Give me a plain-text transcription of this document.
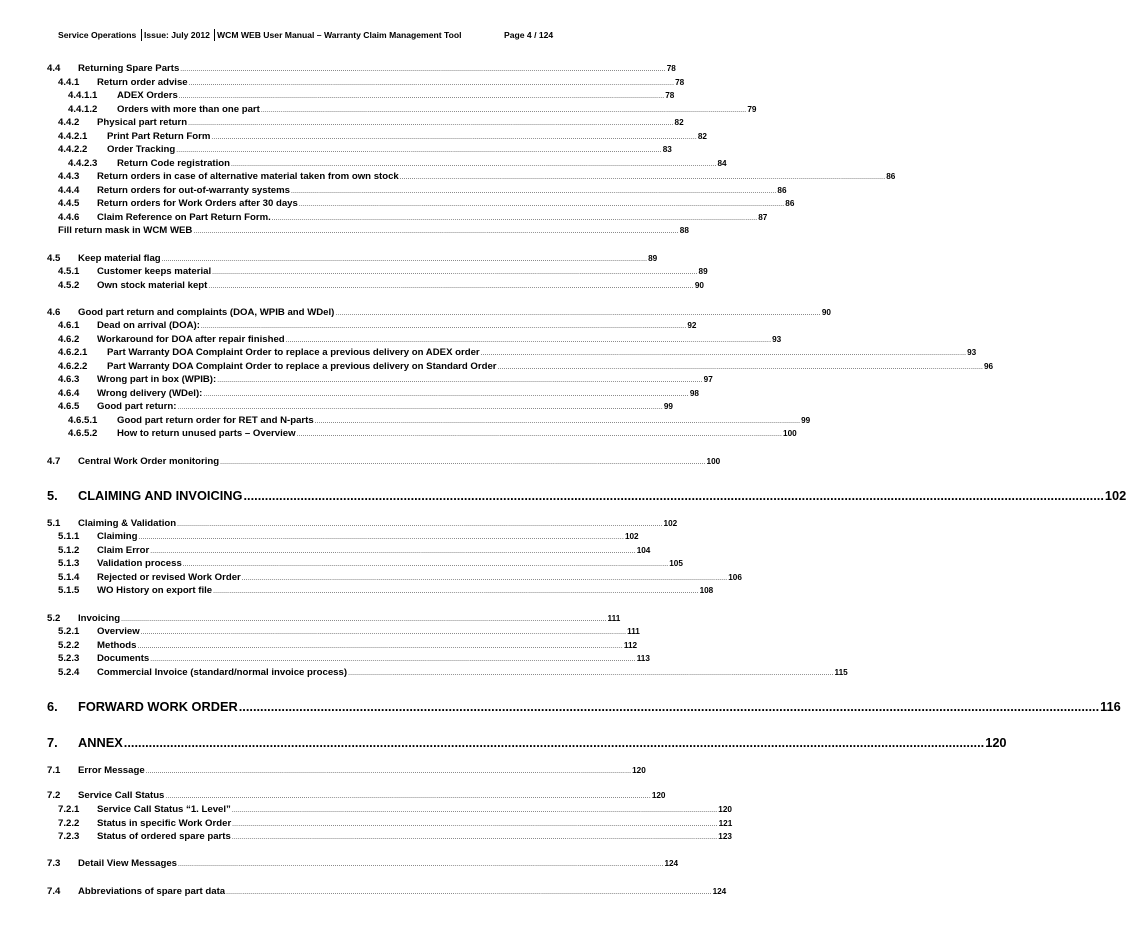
Service Operations Issue: July 2012 WCM WEB User Manual – Warranty Claim Management Tool	Page 4 / 124
4.4 Returning Spare Parts .................................................................................................................................................................................................................................................. 78
4.4.1 Return order advise .................................................................................................................................................................................................................................................. 78
4.4.1.1 ADEX Orders .................................................................................................................................................................................................................................................. 78
4.4.1.2 Orders with more than one part .................................................................................................................................................................................................................................................. 79
4.4.2 Physical part return .................................................................................................................................................................................................................................................. 82
4.4.2.1 Print Part Return Form .................................................................................................................................................................................................................................................. 82
4.4.2.2 Order Tracking .................................................................................................................................................................................................................................................. 83
4.4.2.3 Return Code registration .................................................................................................................................................................................................................................................. 84
4.4.3 Return orders in case of alternative material taken from own stock .................................................................................................................................................................................................................................................. 86
4.4.4 Return orders for out-of-warranty systems .................................................................................................................................................................................................................................................. 86
4.4.5 Return orders for Work Orders after 30 days .................................................................................................................................................................................................................................................. 86
4.4.6 Claim Reference on Part Return Form. .................................................................................................................................................................................................................................................. 87
Fill return mask in WCM WEB .................................................................................................................................................................................................................................................. 88
4.5 Keep material flag .................................................................................................................................................................................................................................................. 89
4.5.1 Customer keeps material .................................................................................................................................................................................................................................................. 89
4.5.2 Own stock material kept .................................................................................................................................................................................................................................................. 90
4.6 Good part return and complaints (DOA, WPIB and WDel) .................................................................................................................................................................................................................................................. 90
4.6.1 Dead on arrival (DOA): .................................................................................................................................................................................................................................................. 92
4.6.2 Workaround for DOA after repair finished .................................................................................................................................................................................................................................................. 93
4.6.2.1 Part Warranty DOA Complaint Order to replace a previous delivery on ADEX order .................................................................................................................................................................................................................................................. 93
4.6.2.2 Part Warranty DOA Complaint Order to replace a previous delivery on Standard Order .................................................................................................................................................................................................................................................. 96
4.6.3 Wrong part in box (WPIB): .................................................................................................................................................................................................................................................. 97
4.6.4 Wrong delivery (WDel): .................................................................................................................................................................................................................................................. 98
4.6.5 Good part return: .................................................................................................................................................................................................................................................. 99
4.6.5.1 Good part return order for RET and N-parts .................................................................................................................................................................................................................................................. 99
4.6.5.2 How to return unused parts – Overview .................................................................................................................................................................................................................................................. 100
4.7 Central Work Order monitoring .................................................................................................................................................................................................................................................. 100
5. CLAIMING AND INVOICING .................................................................................................................................................................................................................................................. 102
5.1 Claiming & Validation .................................................................................................................................................................................................................................................. 102
5.1.1 Claiming .................................................................................................................................................................................................................................................. 102
5.1.2 Claim Error .................................................................................................................................................................................................................................................. 104
5.1.3 Validation process .................................................................................................................................................................................................................................................. 105
5.1.4 Rejected or revised Work Order .................................................................................................................................................................................................................................................. 106
5.1.5 WO History on export file .................................................................................................................................................................................................................................................. 108
5.2 Invoicing .................................................................................................................................................................................................................................................. 111
5.2.1 Overview .................................................................................................................................................................................................................................................. 111
5.2.2 Methods .................................................................................................................................................................................................................................................. 112
5.2.3 Documents .................................................................................................................................................................................................................................................. 113
5.2.4 Commercial Invoice (standard/normal invoice process) .................................................................................................................................................................................................................................................. 115
6. FORWARD WORK ORDER .................................................................................................................................................................................................................................................. 116
7. ANNEX .................................................................................................................................................................................................................................................. 120
7.1 Error Message .................................................................................................................................................................................................................................................. 120
7.2 Service Call Status .................................................................................................................................................................................................................................................. 120
7.2.1 Service Call Status “1. Level” .................................................................................................................................................................................................................................................. 120
7.2.2 Status in specific Work Order .................................................................................................................................................................................................................................................. 121
7.2.3 Status of ordered spare parts .................................................................................................................................................................................................................................................. 123
7.3 Detail View Messages .................................................................................................................................................................................................................................................. 124
7.4 Abbreviations of spare part data .................................................................................................................................................................................................................................................. 124
